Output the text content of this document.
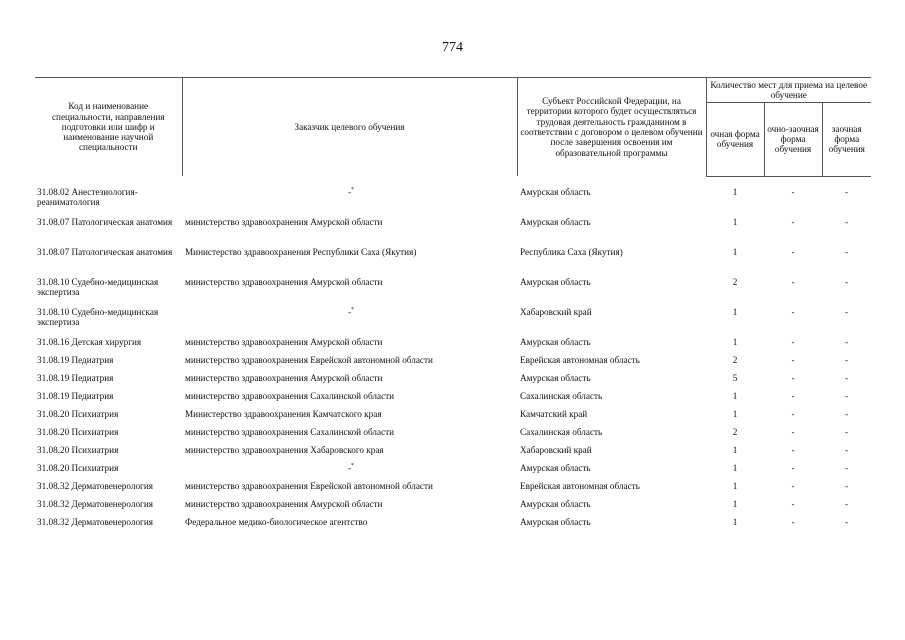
774
Код и наименование специальности, направления подготовки или шифр и наименование научной специальности	Заказчик целевого обучения	Субъект Российской Федерации, на территории которого будет осуществляться трудовая деятельность гражданином в соответствии с договором о целевом обучении после завершения освоения им образовательной программы	Количество мест для приема на целевое обучение		
			очная форма обучения	очно-заочная форма обучения	заочная форма обучения

31.08.02 Анестезиология-реаниматология	-*	Амурская область	1	-	-
31.08.07 Патологическая анатомия	министерство здравоохранения Амурской области	Амурская область	1	-	-
31.08.07 Патологическая анатомия	Министерство здравоохранения Республики Саха (Якутия)	Республика Саха (Якутия)	1	-	-
31.08.10 Судебно-медицинская экспертиза	министерство здравоохранения Амурской области	Амурская область	2	-	-
31.08.10 Судебно-медицинская экспертиза	-*	Хабаровский край	1	-	-
31.08.16 Детская хирургия	министерство здравоохранения Амурской области	Амурская область	1	-	-
31.08.19 Педиатрия	министерство здравоохранения Еврейской автономной области	Еврейская автономная область	2	-	-
31.08.19 Педиатрия	министерство здравоохранения Амурской области	Амурская область	5	-	-
31.08.19 Педиатрия	министерство здравоохранения Сахалинской области	Сахалинская область	1	-	-
31.08.20 Психиатрия	Министерство здравоохранения Камчатского края	Камчатский край	1	-	-
31.08.20 Психиатрия	министерство здравоохранения Сахалинской области	Сахалинская область	2	-	-
31.08.20 Психиатрия	министерство здравоохранения Хабаровского края	Хабаровский край	1	-	-
31.08.20 Психиатрия	-*	Амурская область	1	-	-
31.08.32 Дерматовенерология	министерство здравоохранения Еврейской автономной области	Еврейская автономная область	1	-	-
31.08.32 Дерматовенерология	министерство здравоохранения Амурской области	Амурская область	1	-	-
31.08.32 Дерматовенерология	Федеральное медико-биологическое агентство	Амурская область	1	-	-
